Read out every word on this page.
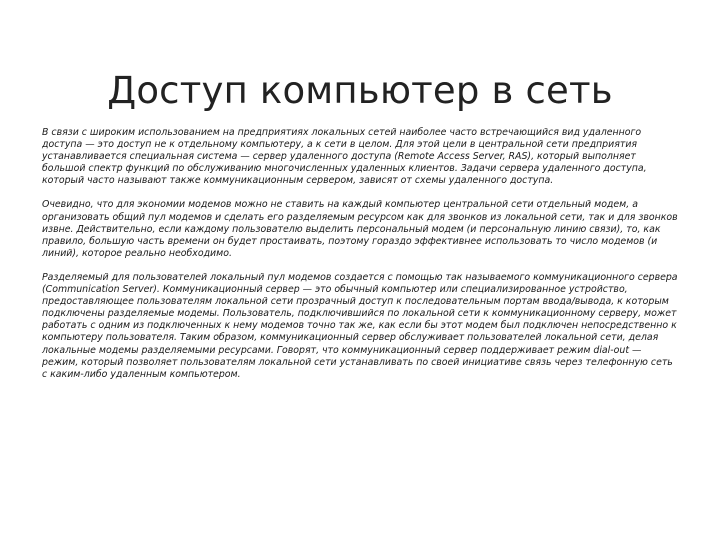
Доступ компьютер в сеть

В связи с широким использованием на предприятиях локальных сетей наиболее часто встречающийся вид удаленного доступа — это доступ не к отдельному компьютеру, а к сети в целом. Для этой цели в центральной сети предприятия устанавливается специальная система — сервер удаленного доступа (Remote Access Server, RAS), который выполняет большой спектр функций по обслуживанию многочисленных удаленных клиентов. Задачи сервера удаленного доступа, который часто называют также коммуникационным сервером, зависят от схемы удаленного доступа.

Очевидно, что для экономии модемов можно не ставить на каждый компьютер центральной сети отдельный модем, а организовать общий пул модемов и сделать его разделяемым ресурсом как для звонков из локальной сети, так и для звонков извне. Действительно, если каждому пользователю выделить персональный модем (и персональную линию связи), то, как правило, большую часть времени он будет простаивать, поэтому гораздо эффективнее использовать то число модемов (и линий), которое реально необходимо.

Разделяемый для пользователей локальный пул модемов создается с помощью так называемого коммуникационного сервера (Communication Server). Коммуникационный сервер — это обычный компьютер или специализированное устройство, предоставляющее пользователям локальной сети прозрачный доступ к последовательным портам ввода/вывода, к которым подключены разделяемые модемы. Пользователь, подключившийся по локальной сети к коммуникационному серверу, может работать с одним из подключенных к нему модемов точно так же, как если бы этот модем был подключен непосредственно к компьютеру пользователя. Таким образом, коммуникационный сервер обслуживает пользователей локальной сети, делая локальные модемы разделяемыми ресурсами. Говорят, что коммуникационный сервер поддерживает режим dial-out — режим, который позволяет пользователям локальной сети устанавливать по своей инициативе связь через телефонную сеть с каким-либо удаленным компьютером.
